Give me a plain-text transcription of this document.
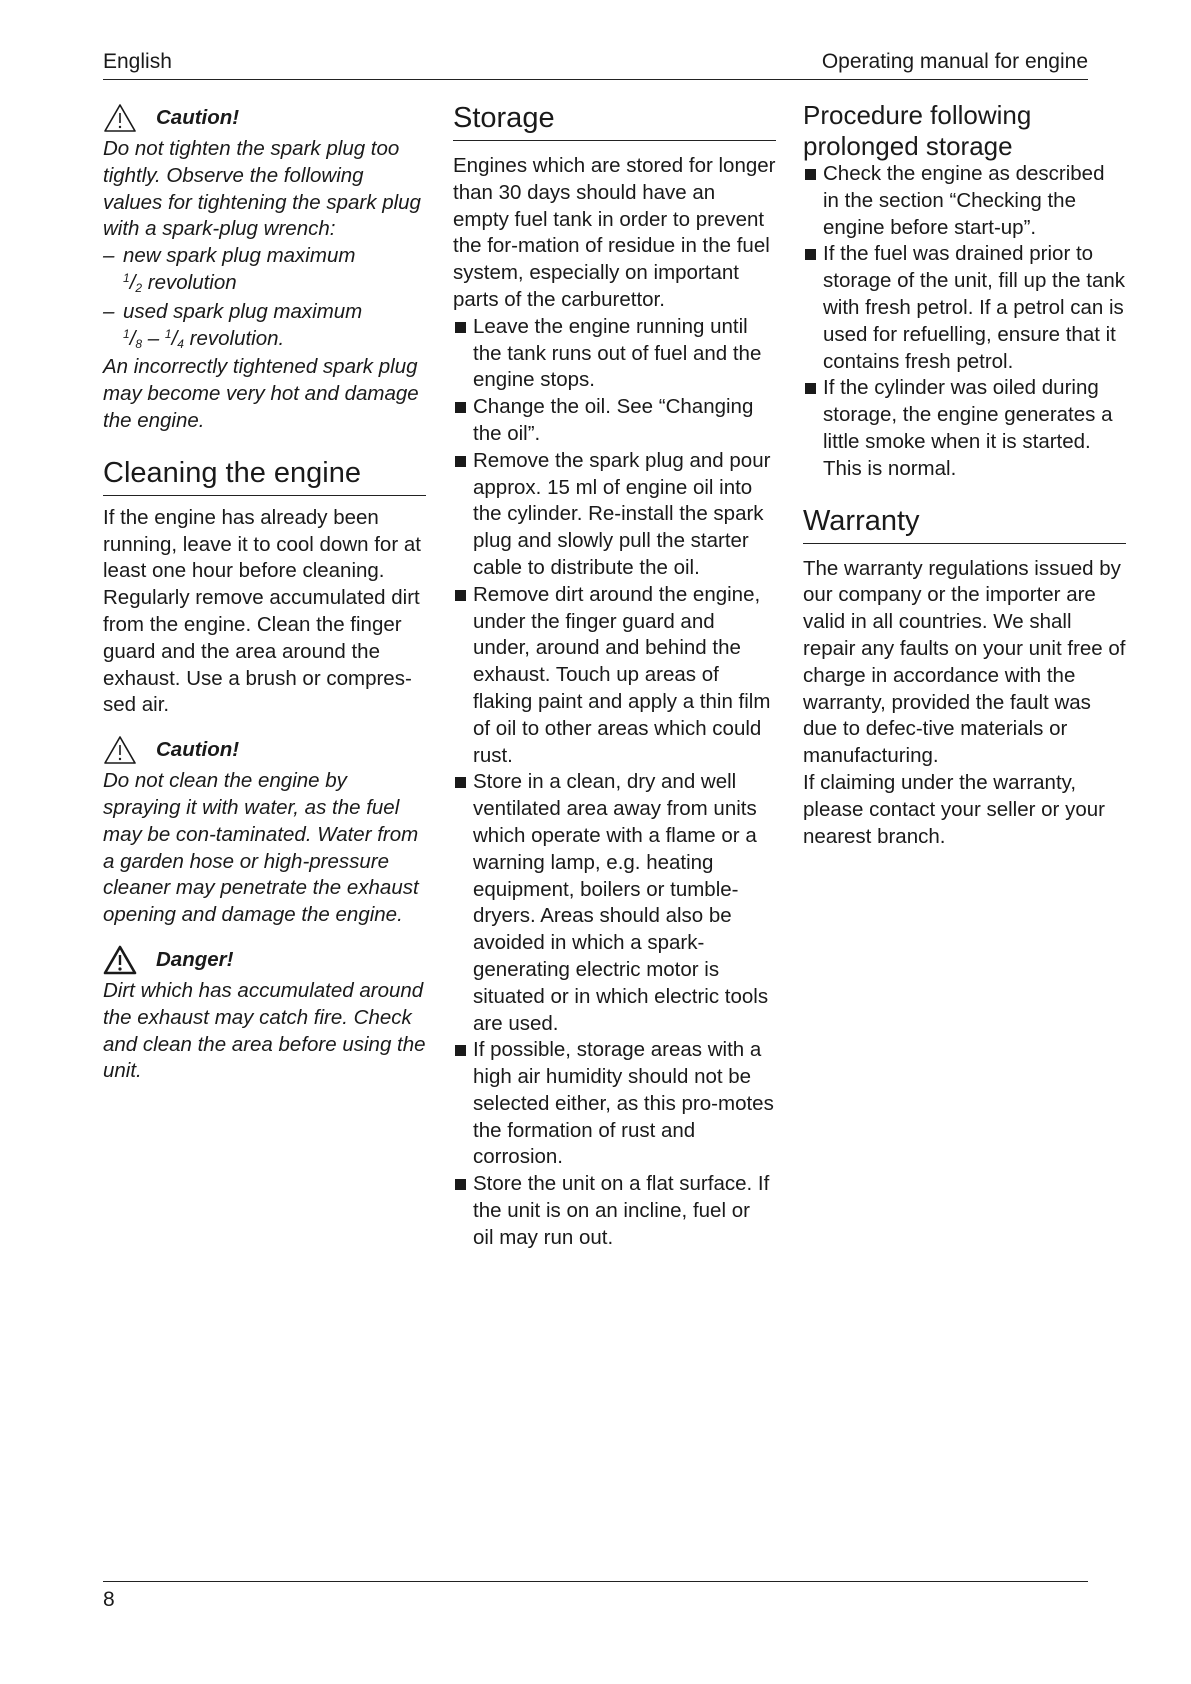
English	Operating manual for engine
Caution!

Do not tighten the spark plug too tightly. Observe the following values for tightening the spark plug with a spark-plug wrench:

– new spark plug maximum
$^1$/2 revolution
– used spark plug maximum
$^1$/8 – $^1$/4 revolution.

An incorrectly tightened spark plug may become very hot and damage the engine.

Cleaning the engine

If the engine has already been running, leave it to cool down for at least one hour before cleaning. Regularly remove accumulated dirt from the engine. Clean the finger guard and the area around the exhaust. Use a brush or compres-sed air.

Caution!

Do not clean the engine by spraying it with water, as the fuel may be con-taminated. Water from a garden hose or high-pressure cleaner may penetrate the exhaust opening and damage the engine.

Danger!

Dirt which has accumulated around the exhaust may catch fire. Check and clean the area before using the unit.

Storage

Engines which are stored for longer than 30 days should have an empty fuel tank in order to prevent the for-mation of residue in the fuel system, especially on important parts of the carburettor.

Leave the engine running until the tank runs out of fuel and the engine stops.
Change the oil. See “Changing the oil”.
Remove the spark plug and pour approx. 15 ml of engine oil into the cylinder. Re-install the spark plug and slowly pull the starter cable to distribute the oil.
Remove dirt around the engine, under the finger guard and under, around and behind the exhaust. Touch up areas of flaking paint and apply a thin film of oil to other areas which could rust.
Store in a clean, dry and well ventilated area away from units which operate with a flame or a warning lamp, e.g. heating equipment, boilers or tumble-dryers. Areas should also be avoided in which a spark-generating electric motor is situated or in which electric tools are used.
If possible, storage areas with a high air humidity should not be selected either, as this pro-motes the formation of rust and corrosion.
Store the unit on a flat surface. If the unit is on an incline, fuel or oil may run out.
Procedure following prolonged storage
Check the engine as described in the section “Checking the engine before start-up”.
If the fuel was drained prior to storage of the unit, fill up the tank with fresh petrol. If a petrol can is used for refuelling, ensure that it contains fresh petrol.
If the cylinder was oiled during storage, the engine generates a little smoke when it is started. This is normal.
Warranty

The warranty regulations issued by our company or the importer are valid in all countries. We shall repair any faults on your unit free of charge in accordance with the warranty, provided the fault was due to defec-tive materials or manufacturing.

If claiming under the warranty, please contact your seller or your nearest branch.

8
